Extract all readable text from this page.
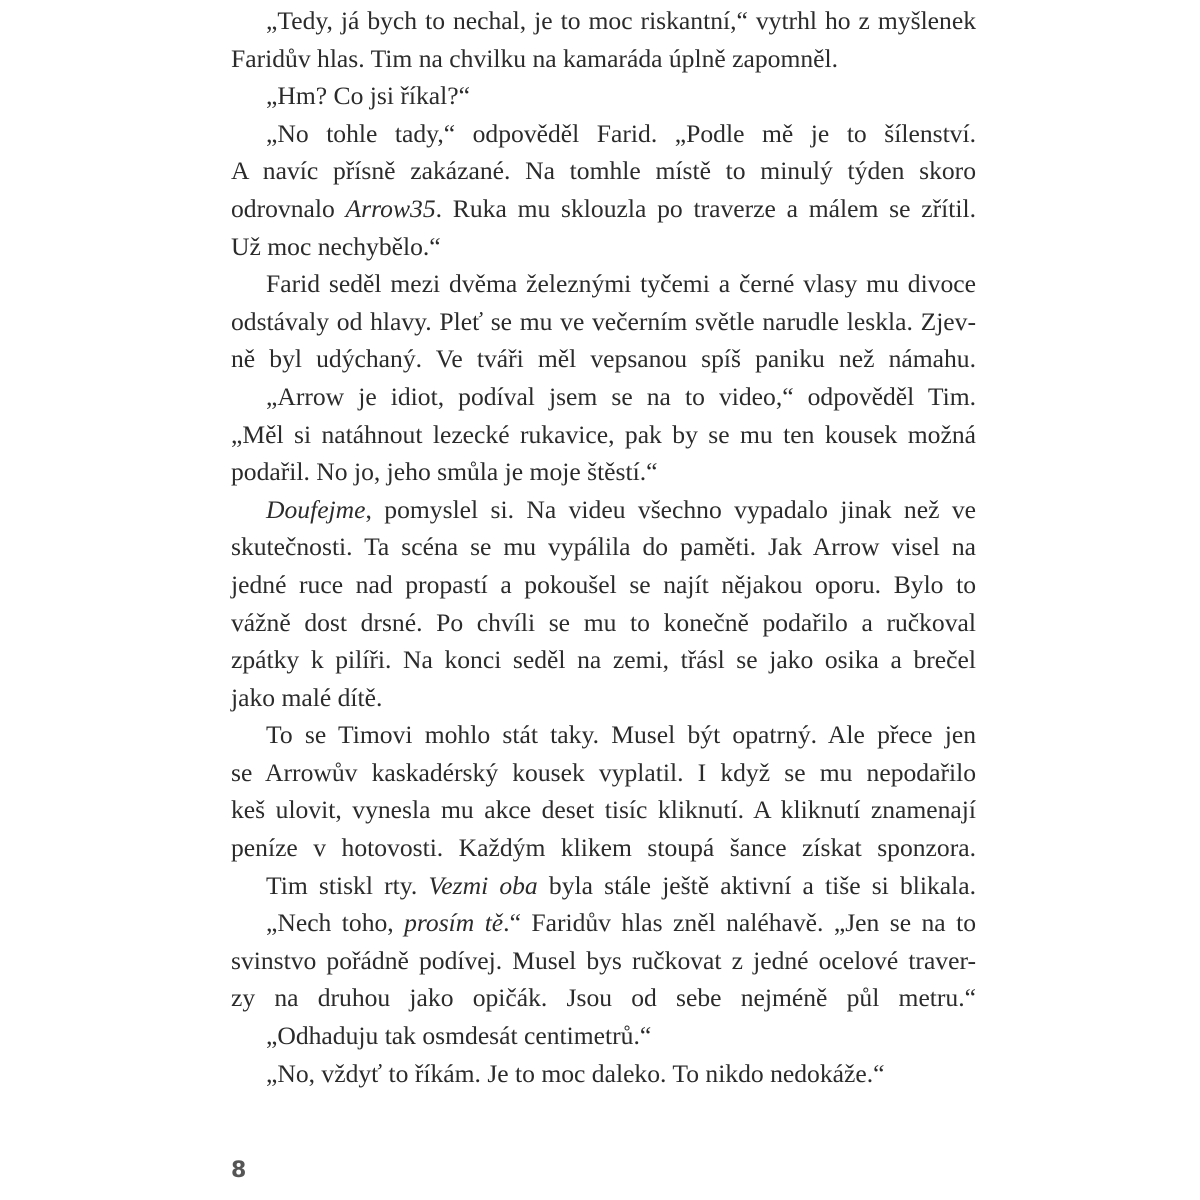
„Tedy, já bych to nechal, je to moc riskantní,“ vytrhl ho z myšlenek
Faridův hlas. Tim na chvilku na kamaráda úplně zapomněl.
„Hm? Co jsi říkal?“
„No tohle tady,“ odpověděl Farid. „Podle mě je to šílenství.
A navíc přísně zakázané. Na tomhle místě to minulý týden skoro
odrovnalo Arrow35. Ruka mu sklouzla po traverze a málem se zřítil.
Už moc nechybělo.“
Farid seděl mezi dvěma železnými tyčemi a černé vlasy mu divoce
odstávaly od hlavy. Pleť se mu ve večerním světle narudle leskla. Zjev-
ně byl udýchaný. Ve tváři měl vepsanou spíš paniku než námahu.
„Arrow je idiot, podíval jsem se na to video,“ odpověděl Tim.
„Měl si natáhnout lezecké rukavice, pak by se mu ten kousek možná
podařil. No jo, jeho smůla je moje štěstí.“
Doufejme, pomyslel si. Na videu všechno vypadalo jinak než ve
skutečnosti. Ta scéna se mu vypálila do paměti. Jak Arrow visel na
jedné ruce nad propastí a pokoušel se najít nějakou oporu. Bylo to
vážně dost drsné. Po chvíli se mu to konečně podařilo a ručkoval
zpátky k pilíři. Na konci seděl na zemi, třásl se jako osika a brečel
jako malé dítě.
To se Timovi mohlo stát taky. Musel být opatrný. Ale přece jen
se Arrowův kaskadérský kousek vyplatil. I když se mu nepodařilo
keš ulovit, vynesla mu akce deset tisíc kliknutí. A kliknutí znamenají
peníze v hotovosti. Každým klikem stoupá šance získat sponzora.
Tim stiskl rty. Vezmi oba byla stále ještě aktivní a tiše si blikala.
„Nech toho, prosím tě.“ Faridův hlas zněl naléhavě. „Jen se na to
svinstvo pořádně podívej. Musel bys ručkovat z jedné ocelové traver-
zy na druhou jako opičák. Jsou od sebe nejméně půl metru.“
„Odhaduju tak osmdesát centimetrů.“
„No, vždyť to říkám. Je to moc daleko. To nikdo nedokáže.“
8
